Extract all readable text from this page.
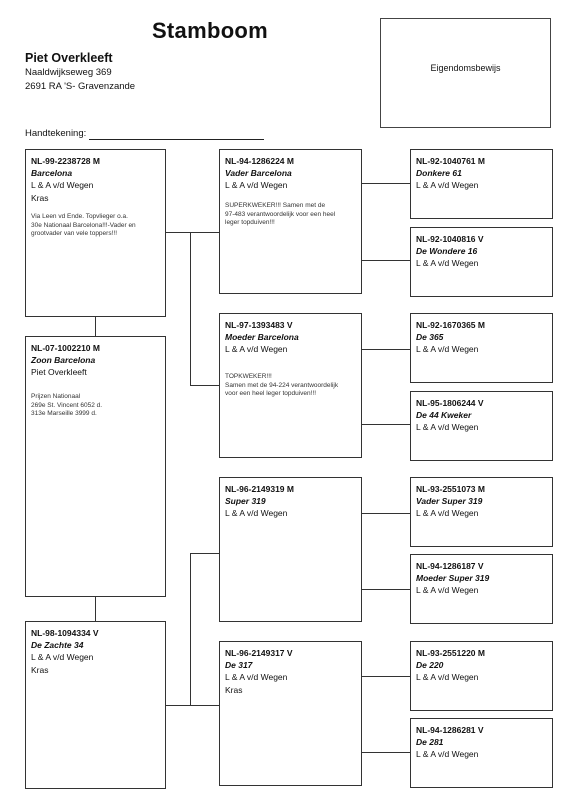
Stamboom
Piet Overkleeft
Naaldwijkseweg 369
2691 RA 'S- Gravenzande
Eigendomsbewijs
Handtekening:
NL-99-2238728 M
Barcelona
L & A v/d Wegen
Kras
Via Leen vd Ende. Topvlieger o.a.
30e Nationaal Barcelona!!!-Vader en
grootvader van vele toppers!!!
NL-07-1002210 M
Zoon Barcelona
Piet Overkleeft
Prijzen Nationaal
269e St. Vincent 6052 d.
313e Marseille 3999 d.
NL-98-1094334 V
De Zachte 34
L & A v/d Wegen
Kras
NL-94-1286224 M
Vader Barcelona
L & A v/d Wegen
SUPERKWEKER!!! Samen met de
97-483 verantwoordelijk voor een heel
leger topduiven!!!
NL-97-1393483 V
Moeder Barcelona
L & A v/d Wegen
TOPKWEKER!!!
Samen met de 94-224 verantwoordelijk
voor een heel leger topduiven!!!
NL-96-2149319 M
Super 319
L & A v/d Wegen
NL-96-2149317 V
De 317
L & A v/d Wegen
Kras
NL-92-1040761 M
Donkere 61
L & A v/d Wegen
NL-92-1040816 V
De Wondere 16
L & A v/d Wegen
NL-92-1670365 M
De 365
L & A v/d Wegen
NL-95-1806244 V
De 44 Kweker
L & A v/d Wegen
NL-93-2551073 M
Vader Super 319
L & A v/d Wegen
NL-94-1286187 V
Moeder Super 319
L & A v/d Wegen
NL-93-2551220 M
De 220
L & A v/d Wegen
NL-94-1286281 V
De 281
L & A v/d Wegen
